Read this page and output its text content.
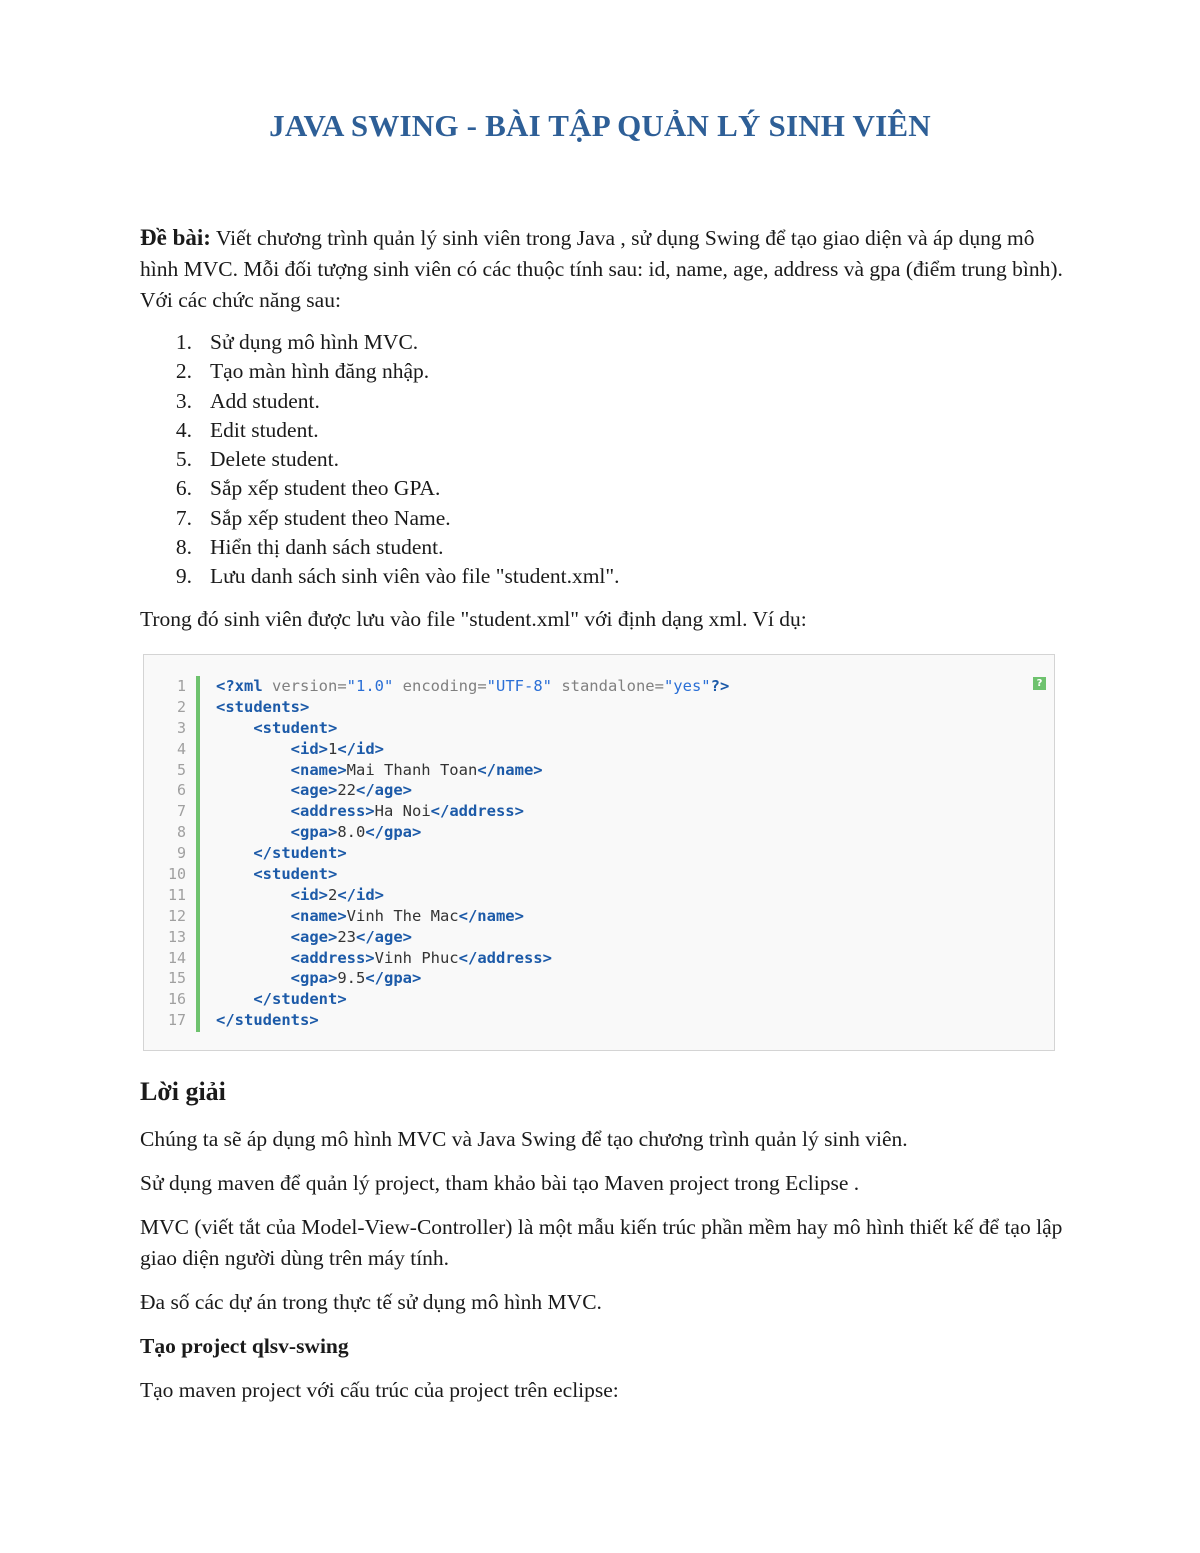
JAVA SWING - BÀI TẬP QUẢN LÝ SINH VIÊN

Đề bài: Viết chương trình quản lý sinh viên trong Java , sử dụng Swing để tạo giao diện và áp dụng mô hình MVC. Mỗi đối tượng sinh viên có các thuộc tính sau: id, name, age, address và gpa (điểm trung bình). Với các chức năng sau:

1. Sử dụng mô hình MVC.
2. Tạo màn hình đăng nhập.
3. Add student.
4. Edit student.
5. Delete student.
6. Sắp xếp student theo GPA.
7. Sắp xếp student theo Name.
8. Hiển thị danh sách student.
9. Lưu danh sách sinh viên vào file "student.xml".

Trong đó sinh viên được lưu vào file "student.xml" với định dạng xml. Ví dụ:

1
2
3
4
5
6
7
8
9
10
11
12
13
14
15
16
17
<?xml version="1.0" encoding="UTF-8" standalone="yes"?>
<students>
<student>
<id>1</id>
<name>Mai Thanh Toan</name>
<age>22</age>
<address>Ha Noi</address>
<gpa>8.0</gpa>
</student>
<student>
<id>2</id>
<name>Vinh The Mac</name>
<age>23</age>
<address>Vinh Phuc</address>
<gpa>9.5</gpa>
</student>
</students>
?
Lời giải

Chúng ta sẽ áp dụng mô hình MVC và Java Swing để tạo chương trình quản lý sinh viên.

Sử dụng maven để quản lý project, tham khảo bài tạo Maven project trong Eclipse .

MVC (viết tắt của Model-View-Controller) là một mẫu kiến trúc phần mềm hay mô hình thiết kế để tạo lập giao diện người dùng trên máy tính.

Đa số các dự án trong thực tế sử dụng mô hình MVC.

Tạo project qlsv-swing

Tạo maven project với cấu trúc của project trên eclipse:
